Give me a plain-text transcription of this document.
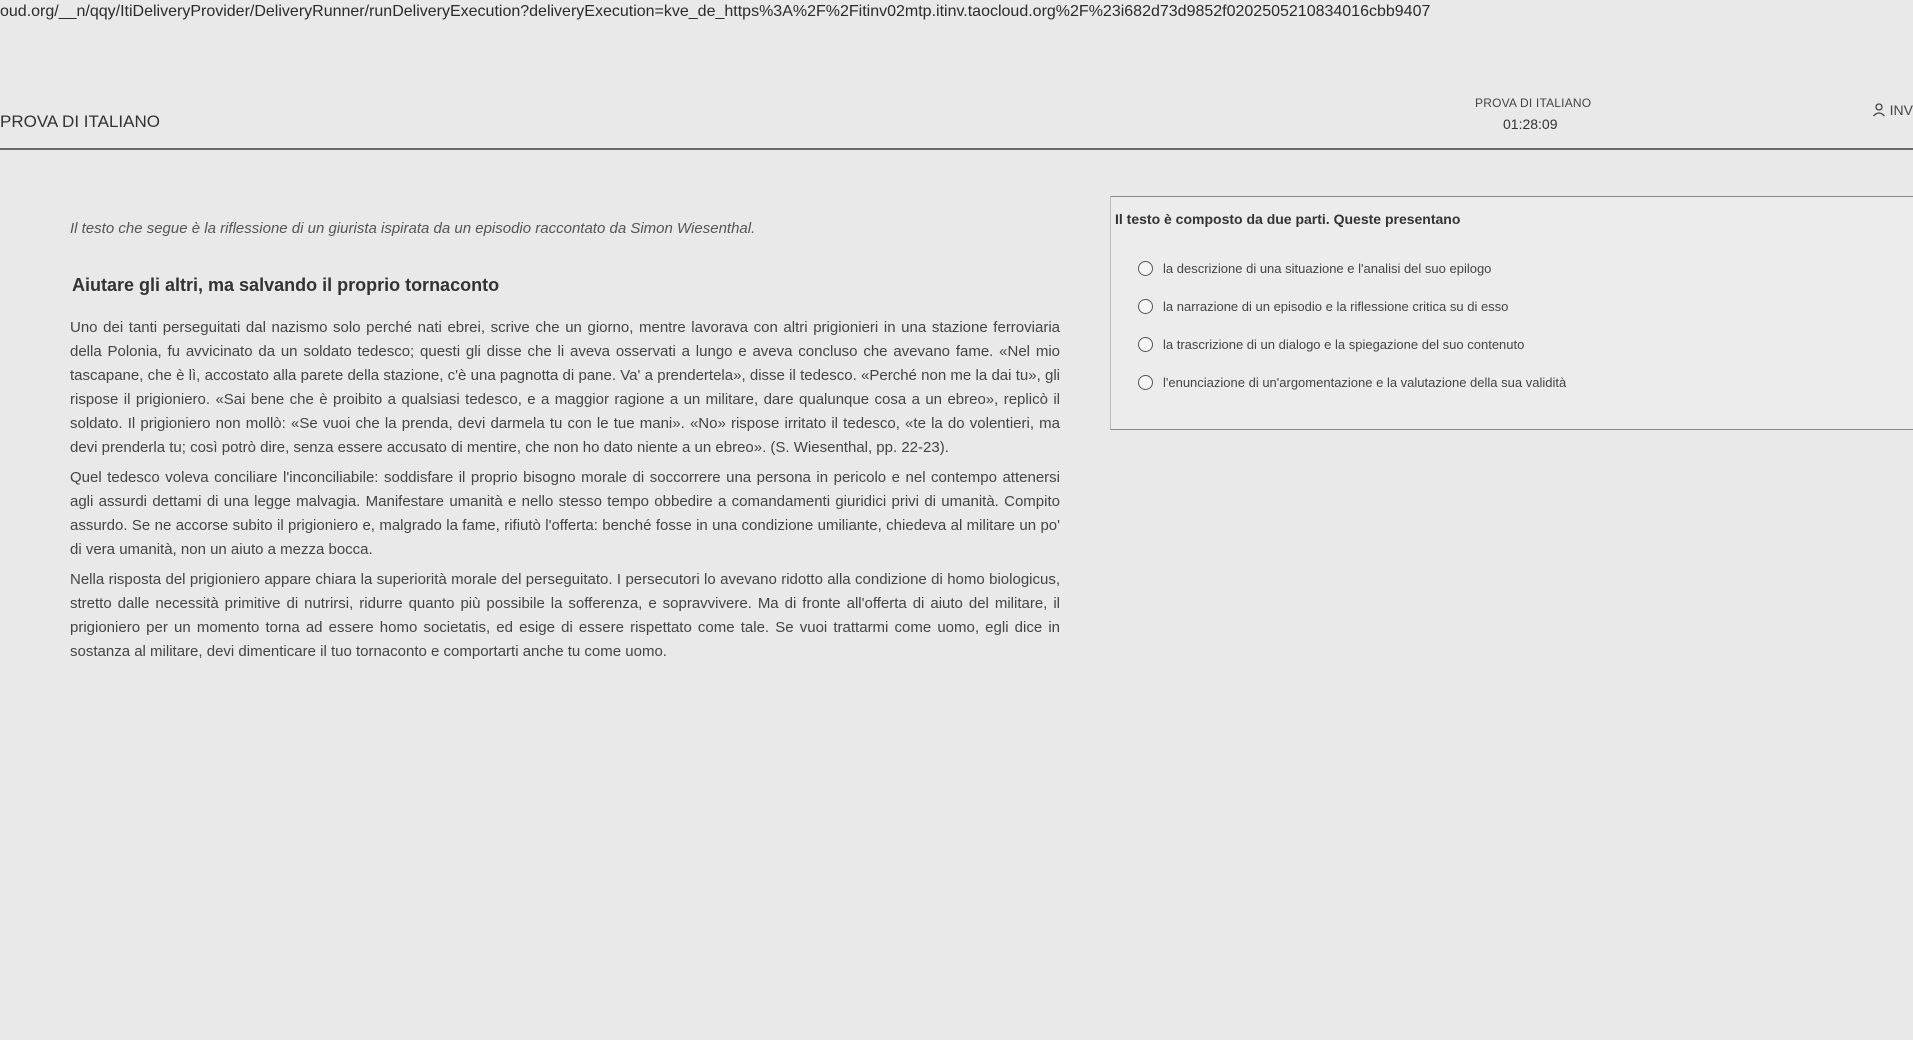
oud.org/__n/qqy/ItiDeliveryProvider/DeliveryRunner/runDeliveryExecution?deliveryExecution=kve_de_https%3A%2F%2Fitinv02mtp.itinv.taocloud.org%2F%23i682d73d9852f0202505210834016cbb9407
PROVA DI ITALIANO
PROVA DI ITALIANO
01:28:09
INV

Il testo che segue è la riflessione di un giurista ispirata da un episodio raccontato da Simon Wiesenthal.

Aiutare gli altri, ma salvando il proprio tornaconto

Uno dei tanti perseguitati dal nazismo solo perché nati ebrei, scrive che un giorno, mentre lavorava con altri prigionieri in una stazione ferroviaria della Polonia, fu avvicinato da un soldato tedesco; questi gli disse che li aveva osservati a lungo e aveva concluso che avevano fame. «Nel mio tascapane, che è lì, accostato alla parete della stazione, c'è una pagnotta di pane. Va' a prendertela», disse il tedesco. «Perché non me la dai tu», gli rispose il prigioniero. «Sai bene che è proibito a qualsiasi tedesco, e a maggior ragione a un militare, dare qualunque cosa a un ebreo», replicò il soldato. Il prigioniero non mollò: «Se vuoi che la prenda, devi darmela tu con le tue mani». «No» rispose irritato il tedesco, «te la do volentieri, ma devi prenderla tu; così potrò dire, senza essere accusato di mentire, che non ho dato niente a un ebreo». (S. Wiesenthal, pp. 22-23).

Quel tedesco voleva conciliare l'inconciliabile: soddisfare il proprio bisogno morale di soccorrere una persona in pericolo e nel contempo attenersi agli assurdi dettami di una legge malvagia. Manifestare umanità e nello stesso tempo obbedire a comandamenti giuridici privi di umanità. Compito assurdo. Se ne accorse subito il prigioniero e, malgrado la fame, rifiutò l'offerta: benché fosse in una condizione umiliante, chiedeva al militare un po' di vera umanità, non un aiuto a mezza bocca.

Nella risposta del prigioniero appare chiara la superiorità morale del perseguitato. I persecutori lo avevano ridotto alla condizione di homo biologicus, stretto dalle necessità primitive di nutrirsi, ridurre quanto più possibile la sofferenza, e sopravvivere. Ma di fronte all'offerta di aiuto del militare, il prigioniero per un momento torna ad essere homo societatis, ed esige di essere rispettato come tale. Se vuoi trattarmi come uomo, egli dice in sostanza al militare, devi dimenticare il tuo tornaconto e comportarti anche tu come uomo.

Il testo è composto da due parti. Queste presentano
la descrizione di una situazione e l'analisi del suo epilogo
la narrazione di un episodio e la riflessione critica su di esso
la trascrizione di un dialogo e la spiegazione del suo contenuto
l'enunciazione di un'argomentazione e la valutazione della sua validità
